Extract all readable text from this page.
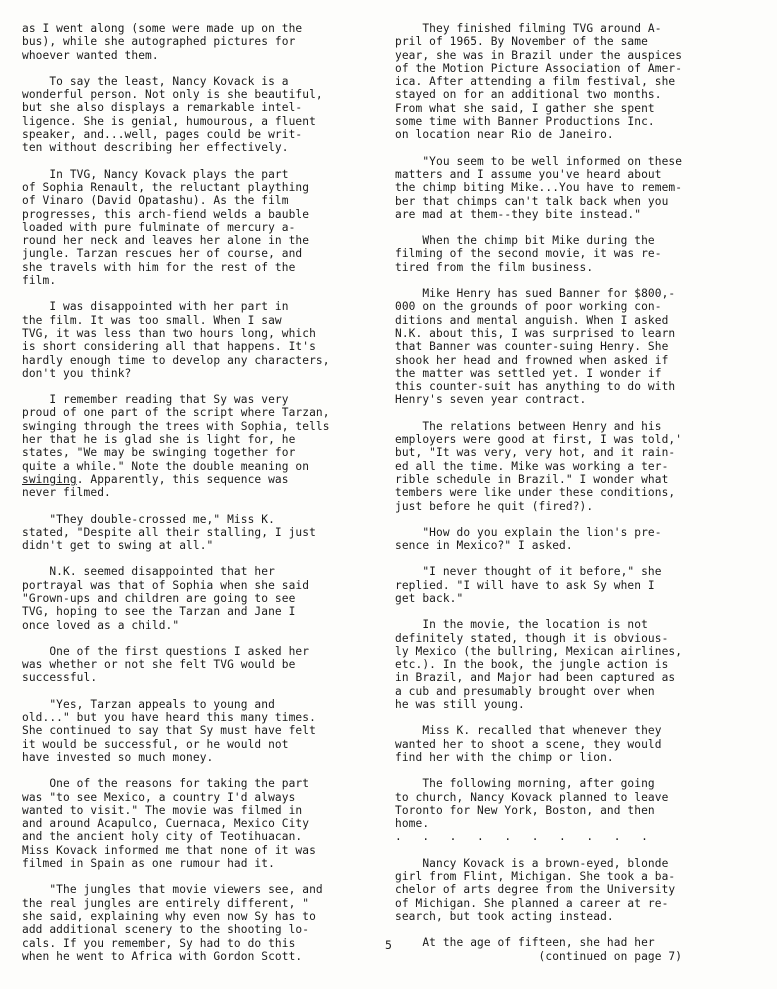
as I went along (some were made up on the
bus), while she autographed pictures for
whoever wanted them.
To say the least, Nancy Kovack is a
wonderful person. Not only is she beautiful,
but she also displays a remarkable intel-
ligence. She is genial, humourous, a fluent
speaker, and...well, pages could be writ-
ten without describing her effectively.
In TVG, Nancy Kovack plays the part
of Sophia Renault, the reluctant plaything
of Vinaro (David Opatashu). As the film
progresses, this arch-fiend welds a bauble
loaded with pure fulminate of mercury a-
round her neck and leaves her alone in the
jungle. Tarzan rescues her of course, and
she travels with him for the rest of the
film.
I was disappointed with her part in
the film. It was too small. When I saw
TVG, it was less than two hours long, which
is short considering all that happens. It's
hardly enough time to develop any characters,
don't you think?
I remember reading that Sy was very
proud of one part of the script where Tarzan,
swinging through the trees with Sophia, tells
her that he is glad she is light for, he
states, "We may be swinging together for
quite a while." Note the double meaning on
swinging. Apparently, this sequence was
never filmed.
"They double-crossed me," Miss K.
stated, "Despite all their stalling, I just
didn't get to swing at all."
N.K. seemed disappointed that her
portrayal was that of Sophia when she said
"Grown-ups and children are going to see
TVG, hoping to see the Tarzan and Jane I
once loved as a child."
One of the first questions I asked her
was whether or not she felt TVG would be
successful.
"Yes, Tarzan appeals to young and
old..." but you have heard this many times.
She continued to say that Sy must have felt
it would be successful, or he would not
have invested so much money.
One of the reasons for taking the part
was "to see Mexico, a country I'd always
wanted to visit." The movie was filmed in
and around Acapulco, Cuernaca, Mexico City
and the ancient holy city of Teotihuacan.
Miss Kovack informed me that none of it was
filmed in Spain as one rumour had it.
"The jungles that movie viewers see, and
the real jungles are entirely different, "
she said, explaining why even now Sy has to
add additional scenery to the shooting lo-
cals. If you remember, Sy had to do this
when he went to Africa with Gordon Scott.
They finished filming TVG around A-
pril of 1965. By November of the same
year, she was in Brazil under the auspices
of the Motion Picture Association of Amer-
ica. After attending a film festival, she
stayed on for an additional two months.
From what she said, I gather she spent
some time with Banner Productions Inc.
on location near Rio de Janeiro.
"You seem to be well informed on these
matters and I assume you've heard about
the chimp biting Mike...You have to remem-
ber that chimps can't talk back when you
are mad at them--they bite instead."
When the chimp bit Mike during the
filming of the second movie, it was re-
tired from the film business.
Mike Henry has sued Banner for $800,-
000 on the grounds of poor working con-
ditions and mental anguish. When I asked
N.K. about this, I was surprised to learn
that Banner was counter-suing Henry. She
shook her head and frowned when asked if
the matter was settled yet. I wonder if
this counter-suit has anything to do with
Henry's seven year contract.
The relations between Henry and his
employers were good at first, I was told,'
but, "It was very, very hot, and it rain-
ed all the time. Mike was working a ter-
rible schedule in Brazil." I wonder what
tembers were like under these conditions,
just before he quit (fired?).
"How do you explain the lion's pre-
sence in Mexico?" I asked.
"I never thought of it before," she
replied. "I will have to ask Sy when I
get back."
In the movie, the location is not
definitely stated, though it is obvious-
ly Mexico (the bullring, Mexican airlines,
etc.). In the book, the jungle action is
in Brazil, and Major had been captured as
a cub and presumably brought over when
he was still young.
Miss K. recalled that whenever they
wanted her to shoot a scene, they would
find her with the chimp or lion.
The following morning, after going
to church, Nancy Kovack planned to leave
Toronto for New York, Boston, and then
home.
.   .   .   .   .   .   .   .   .   .
Nancy Kovack is a brown-eyed, blonde
girl from Flint, Michigan. She took a ba-
chelor of arts degree from the University
of Michigan. She planned a career at re-
search, but took acting instead.
At the age of fifteen, she had her
(continued on page 7)
5
